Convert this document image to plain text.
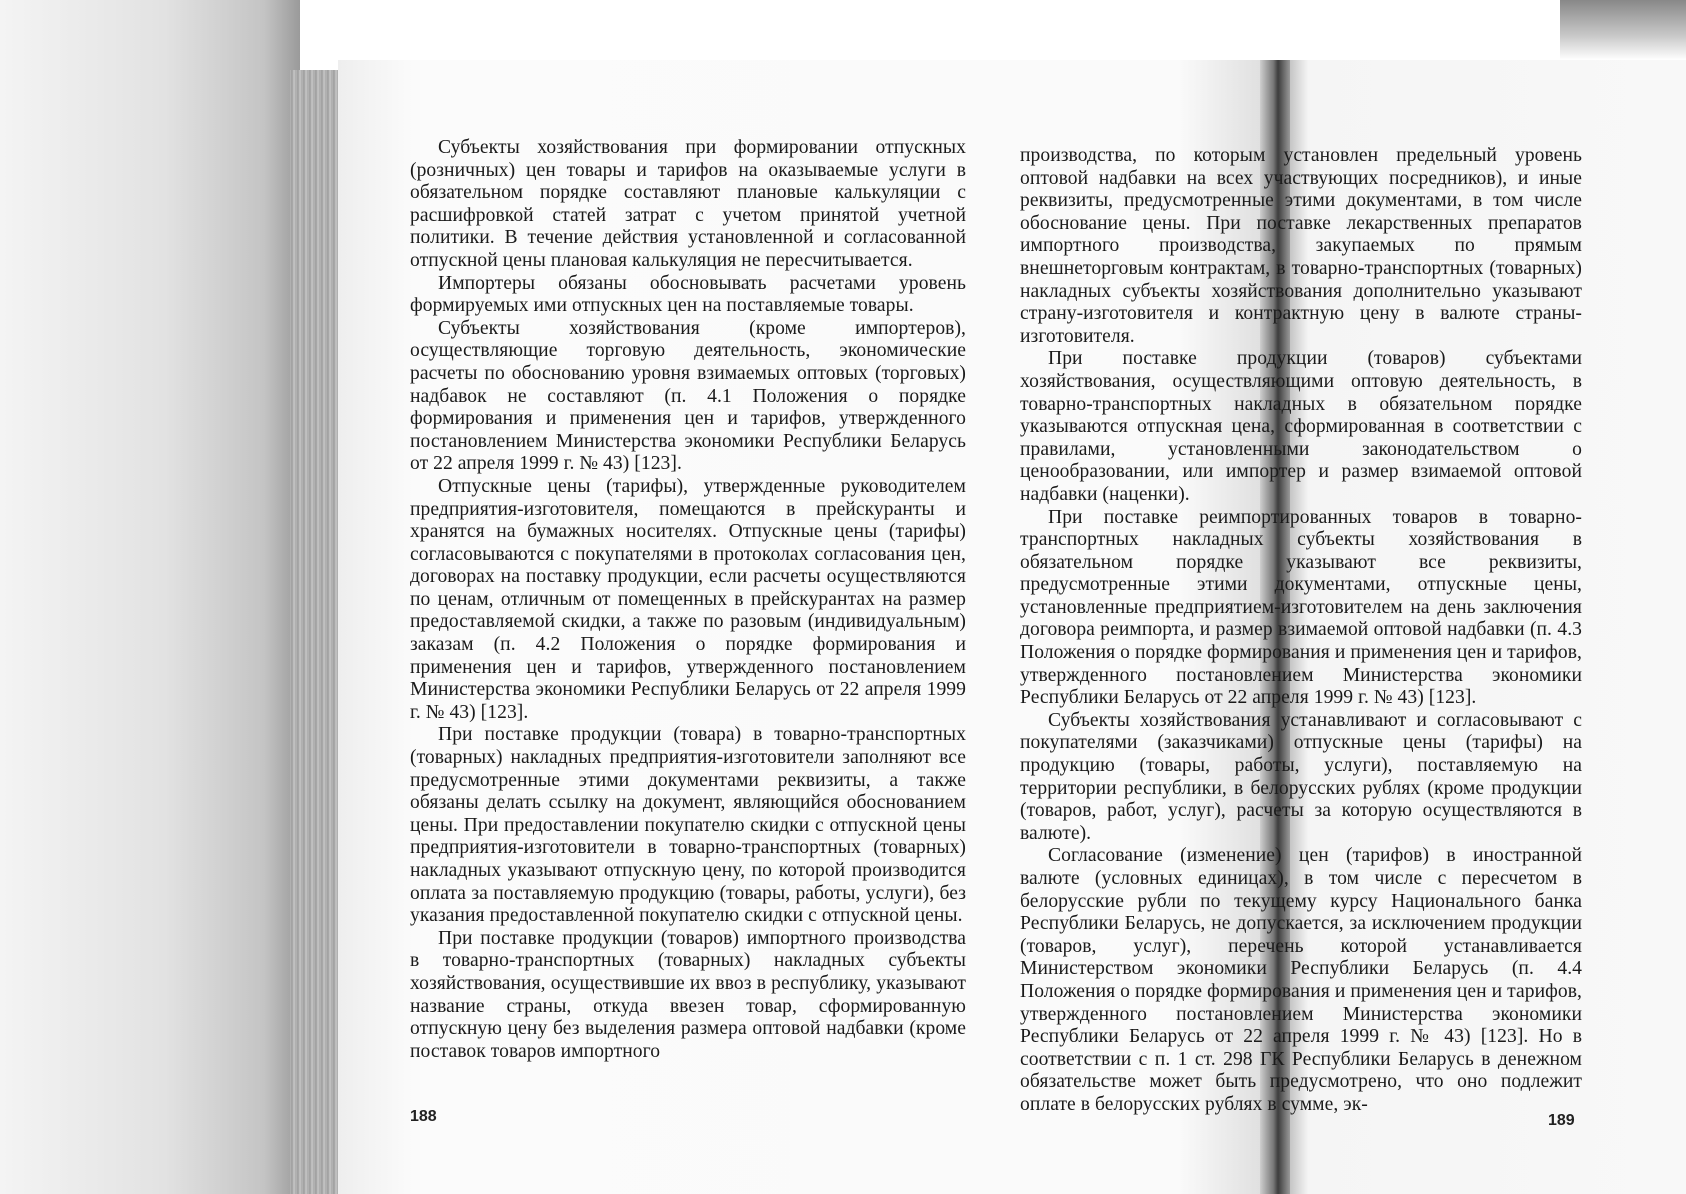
Субъекты хозяйствования при формировании отпускных (розничных) цен товары и тарифов на оказываемые услуги в обязательном порядке составляют плановые калькуляции с расшифровкой статей затрат с учетом принятой учетной политики. В течение действия установленной и согласованной отпускной цены плановая калькуляция не пересчитывается.

Импортеры обязаны обосновывать расчетами уровень формируемых ими отпускных цен на поставляемые товары.

Субъекты хозяйствования (кроме импортеров), осуществляющие торговую деятельность, экономические расчеты по обоснованию уровня взимаемых оптовых (торговых) надбавок не составляют (п. 4.1 Положения о порядке формирования и применения цен и тарифов, утвержденного постановлением Министерства экономики Республики Беларусь от 22 апреля 1999 г. № 43) [123].

Отпускные цены (тарифы), утвержденные руководителем предприятия-изготовителя, помещаются в прейскуранты и хранятся на бумажных носителях. Отпускные цены (тарифы) согласовываются с покупателями в протоколах согласования цен, договорах на поставку продукции, если расчеты осуществляются по ценам, отличным от помещенных в прейскурантах на размер предоставляемой скидки, а также по разовым (индивидуальным) заказам (п. 4.2 Положения о порядке формирования и применения цен и тарифов, утвержденного постановлением Министерства экономики Республики Беларусь от 22 апреля 1999 г. № 43) [123].

При поставке продукции (товара) в товарно-транспортных (товарных) накладных предприятия-изготовители заполняют все предусмотренные этими документами реквизиты, а также обязаны делать ссылку на документ, являющийся обоснованием цены. При предоставлении покупателю скидки с отпускной цены предприятия-изготовители в товарно-транспортных (товарных) накладных указывают отпускную цену, по которой производится оплата за поставляемую продукцию (товары, работы, услуги), без указания предоставленной покупателю скидки с отпускной цены.

При поставке продукции (товаров) импортного производства в товарно-транспортных (товарных) накладных субъекты хозяйствования, осуществившие их ввоз в республику, указывают название страны, откуда ввезен товар, сформированную отпускную цену без выделения размера оптовой надбавки (кроме поставок товаров импортного

производства, по которым установлен предельный уровень оптовой надбавки на всех участвующих посредников), и иные реквизиты, предусмотренные этими документами, в том числе обоснование цены. При поставке лекарственных препаратов импортного производства, закупаемых по прямым внешнеторговым контрактам, в товарно-транспортных (товарных) накладных субъекты хозяйствования дополнительно указывают страну-изготовителя и контрактную цену в валюте страны-изготовителя.

При поставке продукции (товаров) субъектами хозяйствования, осуществляющими оптовую деятельность, в товарно-транспортных накладных в обязательном порядке указываются отпускная цена, сформированная в соответствии с правилами, установленными законодательством о ценообразовании, или импортер и размер взимаемой оптовой надбавки (наценки).

При поставке реимпортированных товаров в товарно-транспортных накладных субъекты хозяйствования в обязательном порядке указывают все реквизиты, предусмотренные этими документами, отпускные цены, установленные предприятием-изготовителем на день заключения договора реимпорта, и размер взимаемой оптовой надбавки (п. 4.3 Положения о порядке формирования и применения цен и тарифов, утвержденного постановлением Министерства экономики Республики Беларусь от 22 апреля 1999 г. № 43) [123].

Субъекты хозяйствования устанавливают и согласовывают с покупателями (заказчиками) отпускные цены (тарифы) на продукцию (товары, работы, услуги), поставляемую на территории республики, в белорусских рублях (кроме продукции (товаров, работ, услуг), расчеты за которую осуществляются в валюте).

Согласование (изменение) цен (тарифов) в иностранной валюте (условных единицах), в том числе с пересчетом в белорусские рубли по текущему курсу Национального банка Республики Беларусь, не допускается, за исключением продукции (товаров, услуг), перечень которой устанавливается Министерством экономики Республики Беларусь (п. 4.4 Положения о порядке формирования и применения цен и тарифов, утвержденного постановлением Министерства экономики Республики Беларусь от 22 апреля 1999 г. № 43) [123]. Но в соответствии с п. 1 ст. 298 ГК Республики Беларусь в денежном обязательстве может быть предусмотрено, что оно подлежит оплате в белорусских рублях в сумме, эк-

188	189
